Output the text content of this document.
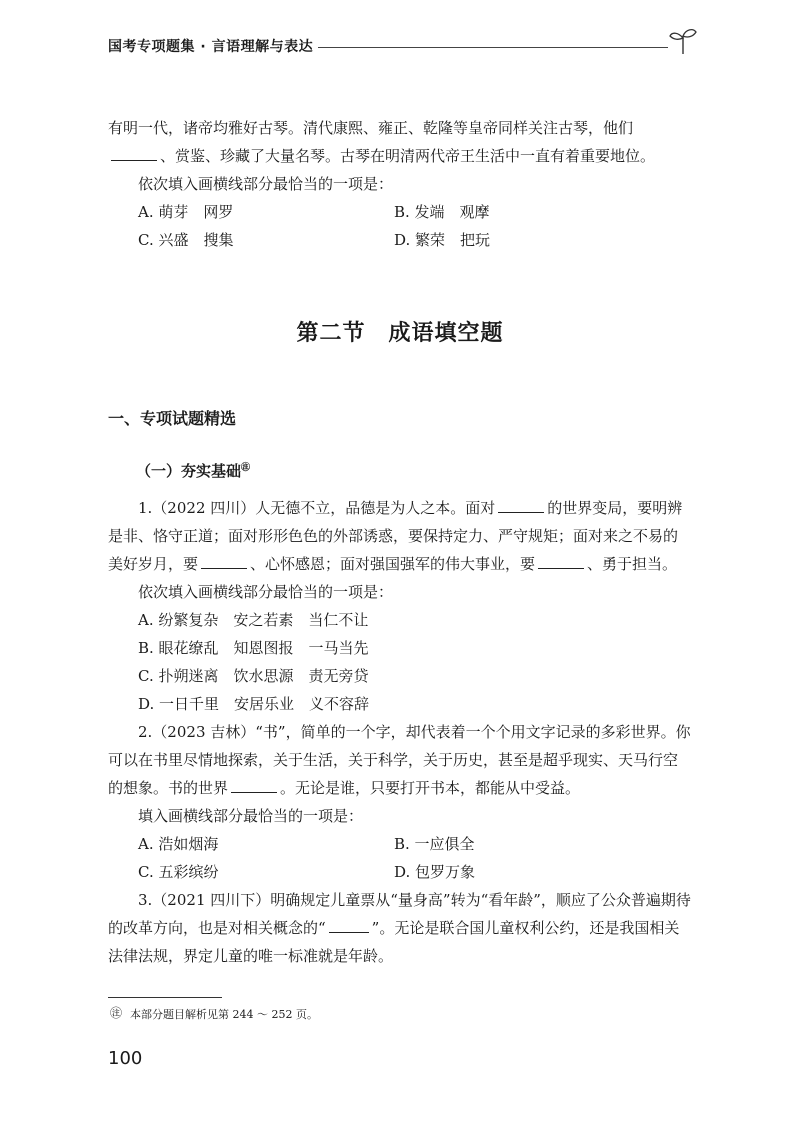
国考专项题集 · 言语理解与表达

有明一代，诸帝均雅好古琴。清代康熙、雍正、乾隆等皇帝同样关注古琴，他们

、赏鉴、珍藏了大量名琴。古琴在明清两代帝王生活中一直有着重要地位。

依次填入画横线部分最恰当的一项是：

A. 萌芽　网罗	B. 发端　观摩
C. 兴盛　搜集	D. 繁荣　把玩
第二节　成语填空题
一、专项试题精选
（一）夯实基础㊟

1.（2022 四川）人无德不立，品德是为人之本。面对	的世界变局，要明辨是非、恪守正道；面对形形色色的外部诱惑，要保持定力、严守规矩；面对来之不易的美好岁月，要	、心怀感恩；面对强国强军的伟大事业，要	、勇于担当。

依次填入画横线部分最恰当的一项是：

A. 纷繁复杂　安之若素　当仁不让

B. 眼花缭乱　知恩图报　一马当先

C. 扑朔迷离　饮水思源　责无旁贷

D. 一日千里　安居乐业　义不容辞

2.（2023 吉林）“书”，简单的一个字，却代表着一个个用文字记录的多彩世界。你可以在书里尽情地探索，关于生活，关于科学，关于历史，甚至是超乎现实、天马行空的想象。书的世界	。无论是谁，只要打开书本，都能从中受益。

填入画横线部分最恰当的一项是：

A. 浩如烟海	B. 一应俱全
C. 五彩缤纷	D. 包罗万象

3.（2021 四川下）明确规定儿童票从“量身高”转为“看年龄”，顺应了公众普遍期待的改革方向，也是对相关概念的“	”。无论是联合国儿童权利公约，还是我国相关法律法规，界定儿童的唯一标准就是年龄。

㊟ 本部分题目解析见第 244 ～ 252 页。
100
